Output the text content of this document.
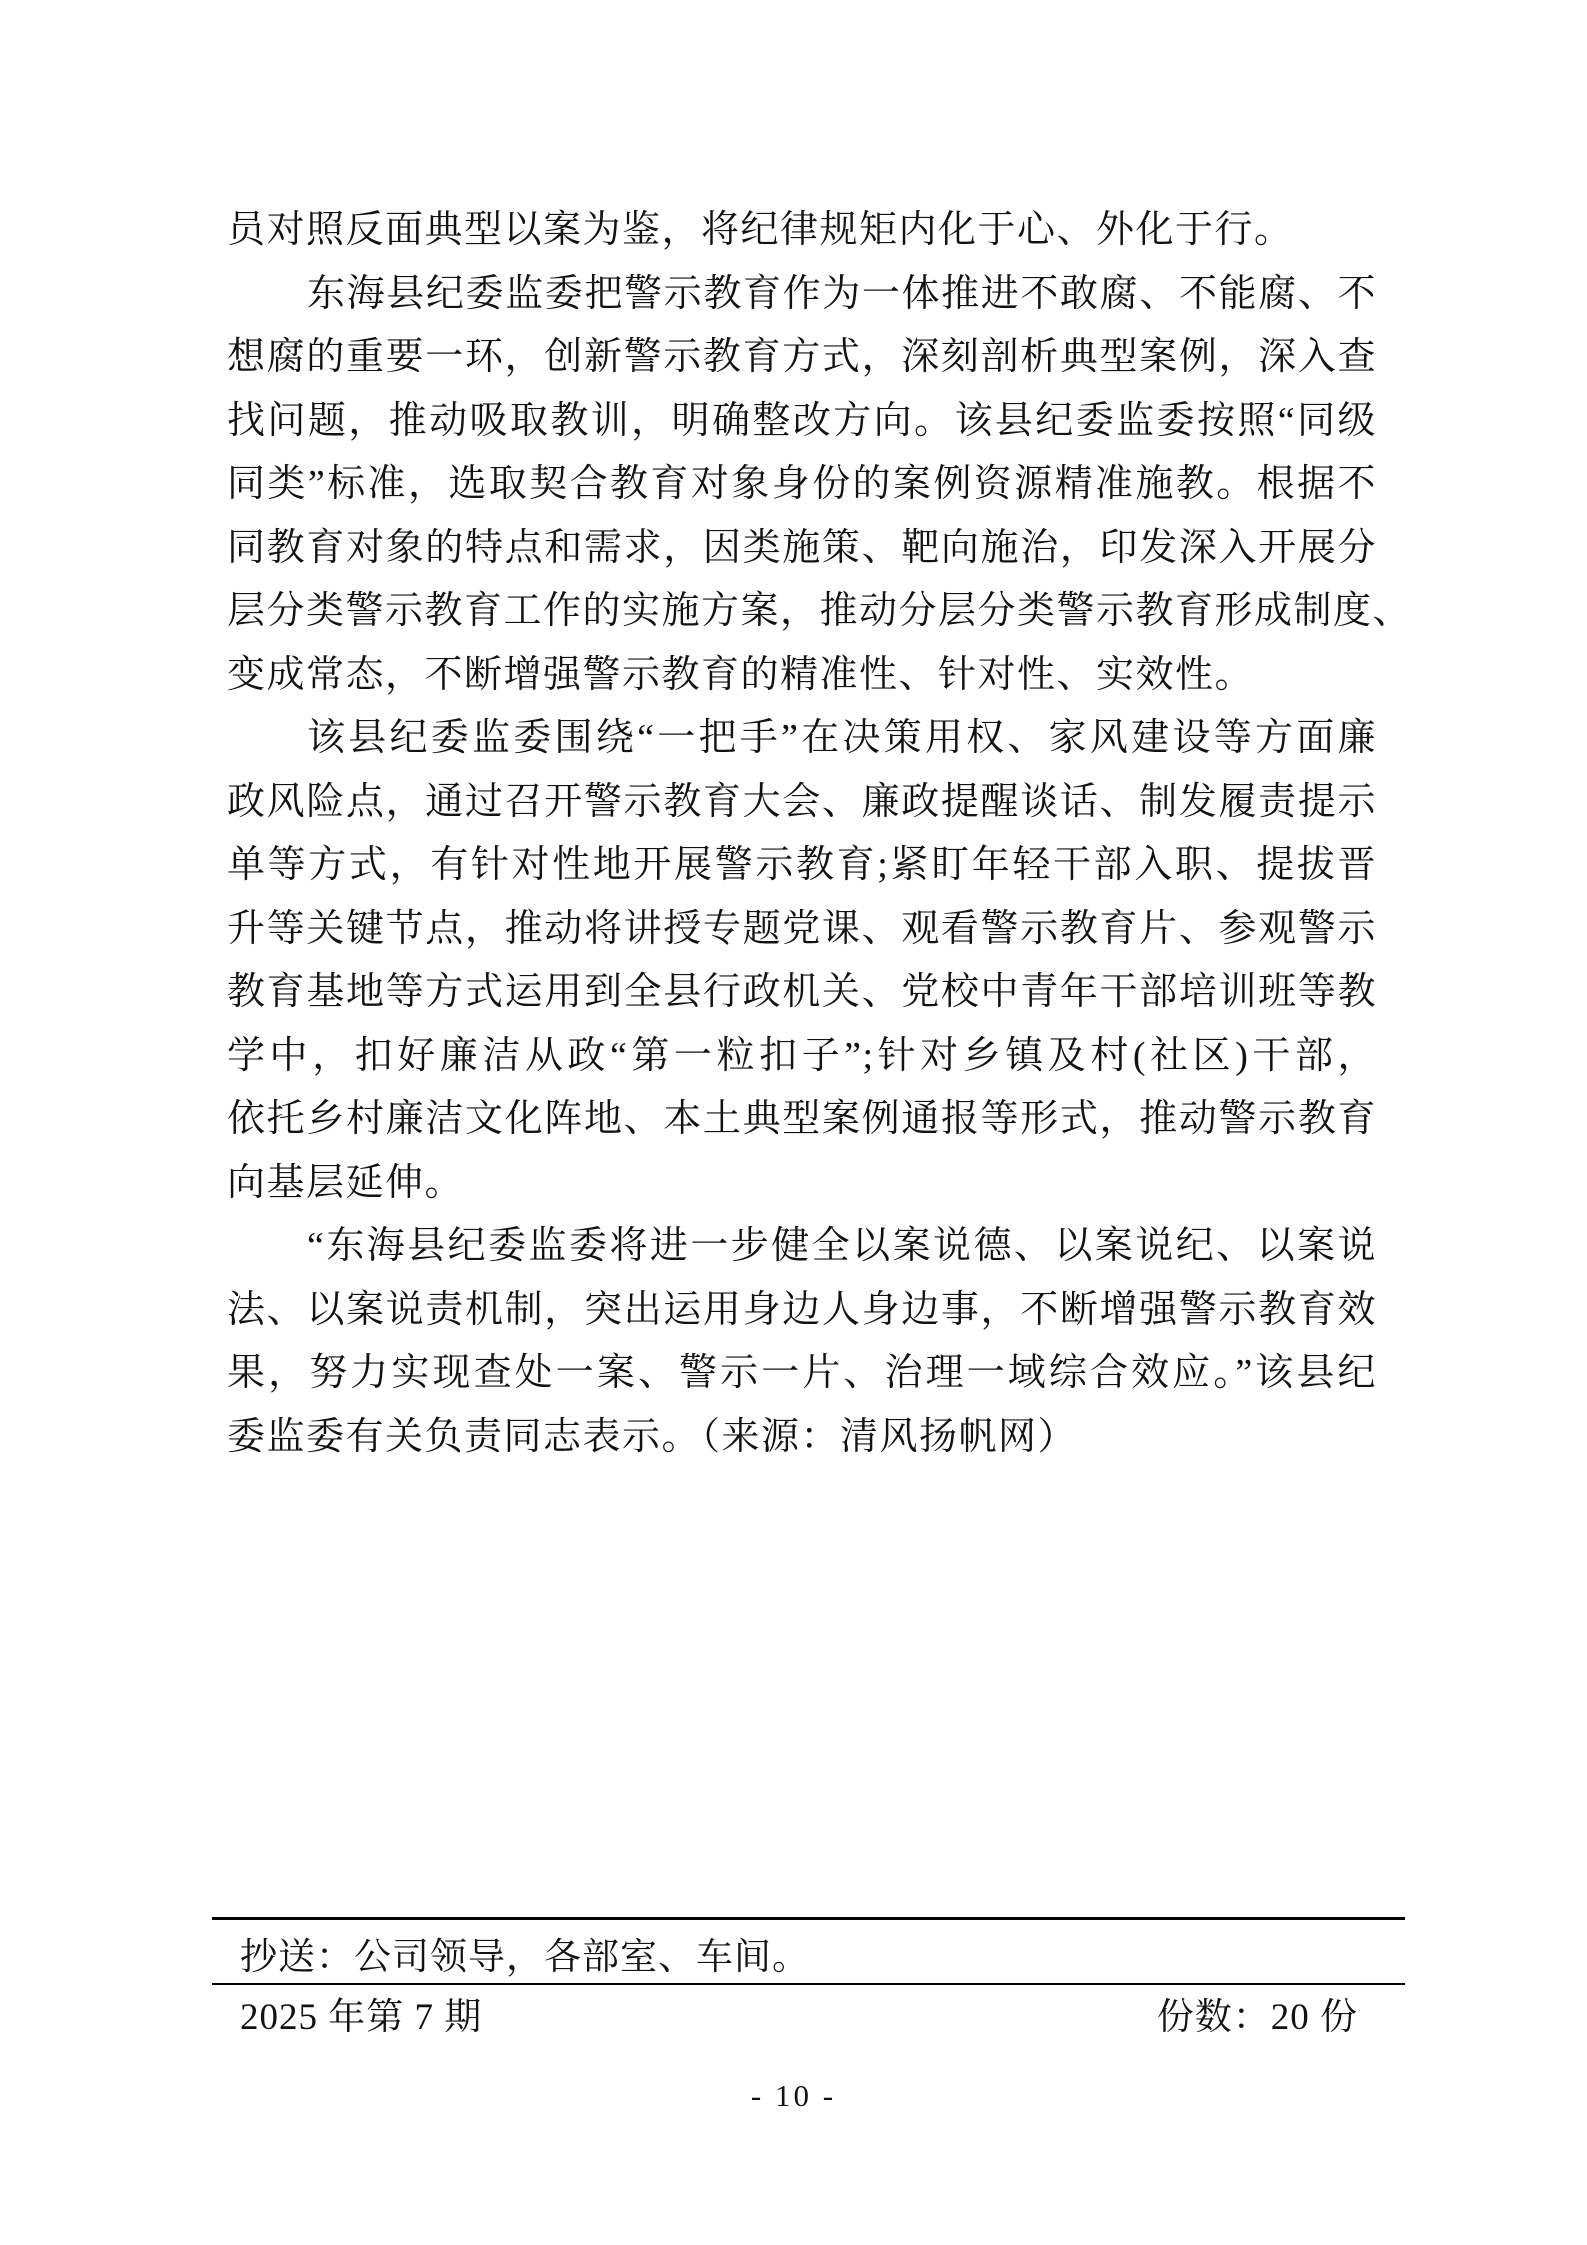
员对照反面典型以案为鉴，将纪律规矩内化于心、外化于行。
东海县纪委监委把警示教育作为一体推进不敢腐、不能腐、不
想腐的重要一环，创新警示教育方式，深刻剖析典型案例，深入查
找问题，推动吸取教训，明确整改方向。该县纪委监委按照“同级
同类”标准，选取契合教育对象身份的案例资源精准施教。根据不
同教育对象的特点和需求，因类施策、靶向施治，印发深入开展分
层分类警示教育工作的实施方案，推动分层分类警示教育形成制度、
变成常态，不断增强警示教育的精准性、针对性、实效性。
该县纪委监委围绕“一把手”在决策用权、家风建设等方面廉
政风险点，通过召开警示教育大会、廉政提醒谈话、制发履责提示
单等方式，有针对性地开展警示教育;紧盯年轻干部入职、提拔晋
升等关键节点，推动将讲授专题党课、观看警示教育片、参观警示
教育基地等方式运用到全县行政机关、党校中青年干部培训班等教
学中，扣好廉洁从政“第一粒扣子”;针对乡镇及村(社区)干部，
依托乡村廉洁文化阵地、本土典型案例通报等形式，推动警示教育
向基层延伸。
“东海县纪委监委将进一步健全以案说德、以案说纪、以案说
法、以案说责机制，突出运用身边人身边事，不断增强警示教育效
果，努力实现查处一案、警示一片、治理一域综合效应。”该县纪
委监委有关负责同志表示。（来源：清风扬帆网）
抄送：公司领导，各部室、车间。
2025 年第 7 期	份数：20 份
- 10 -
